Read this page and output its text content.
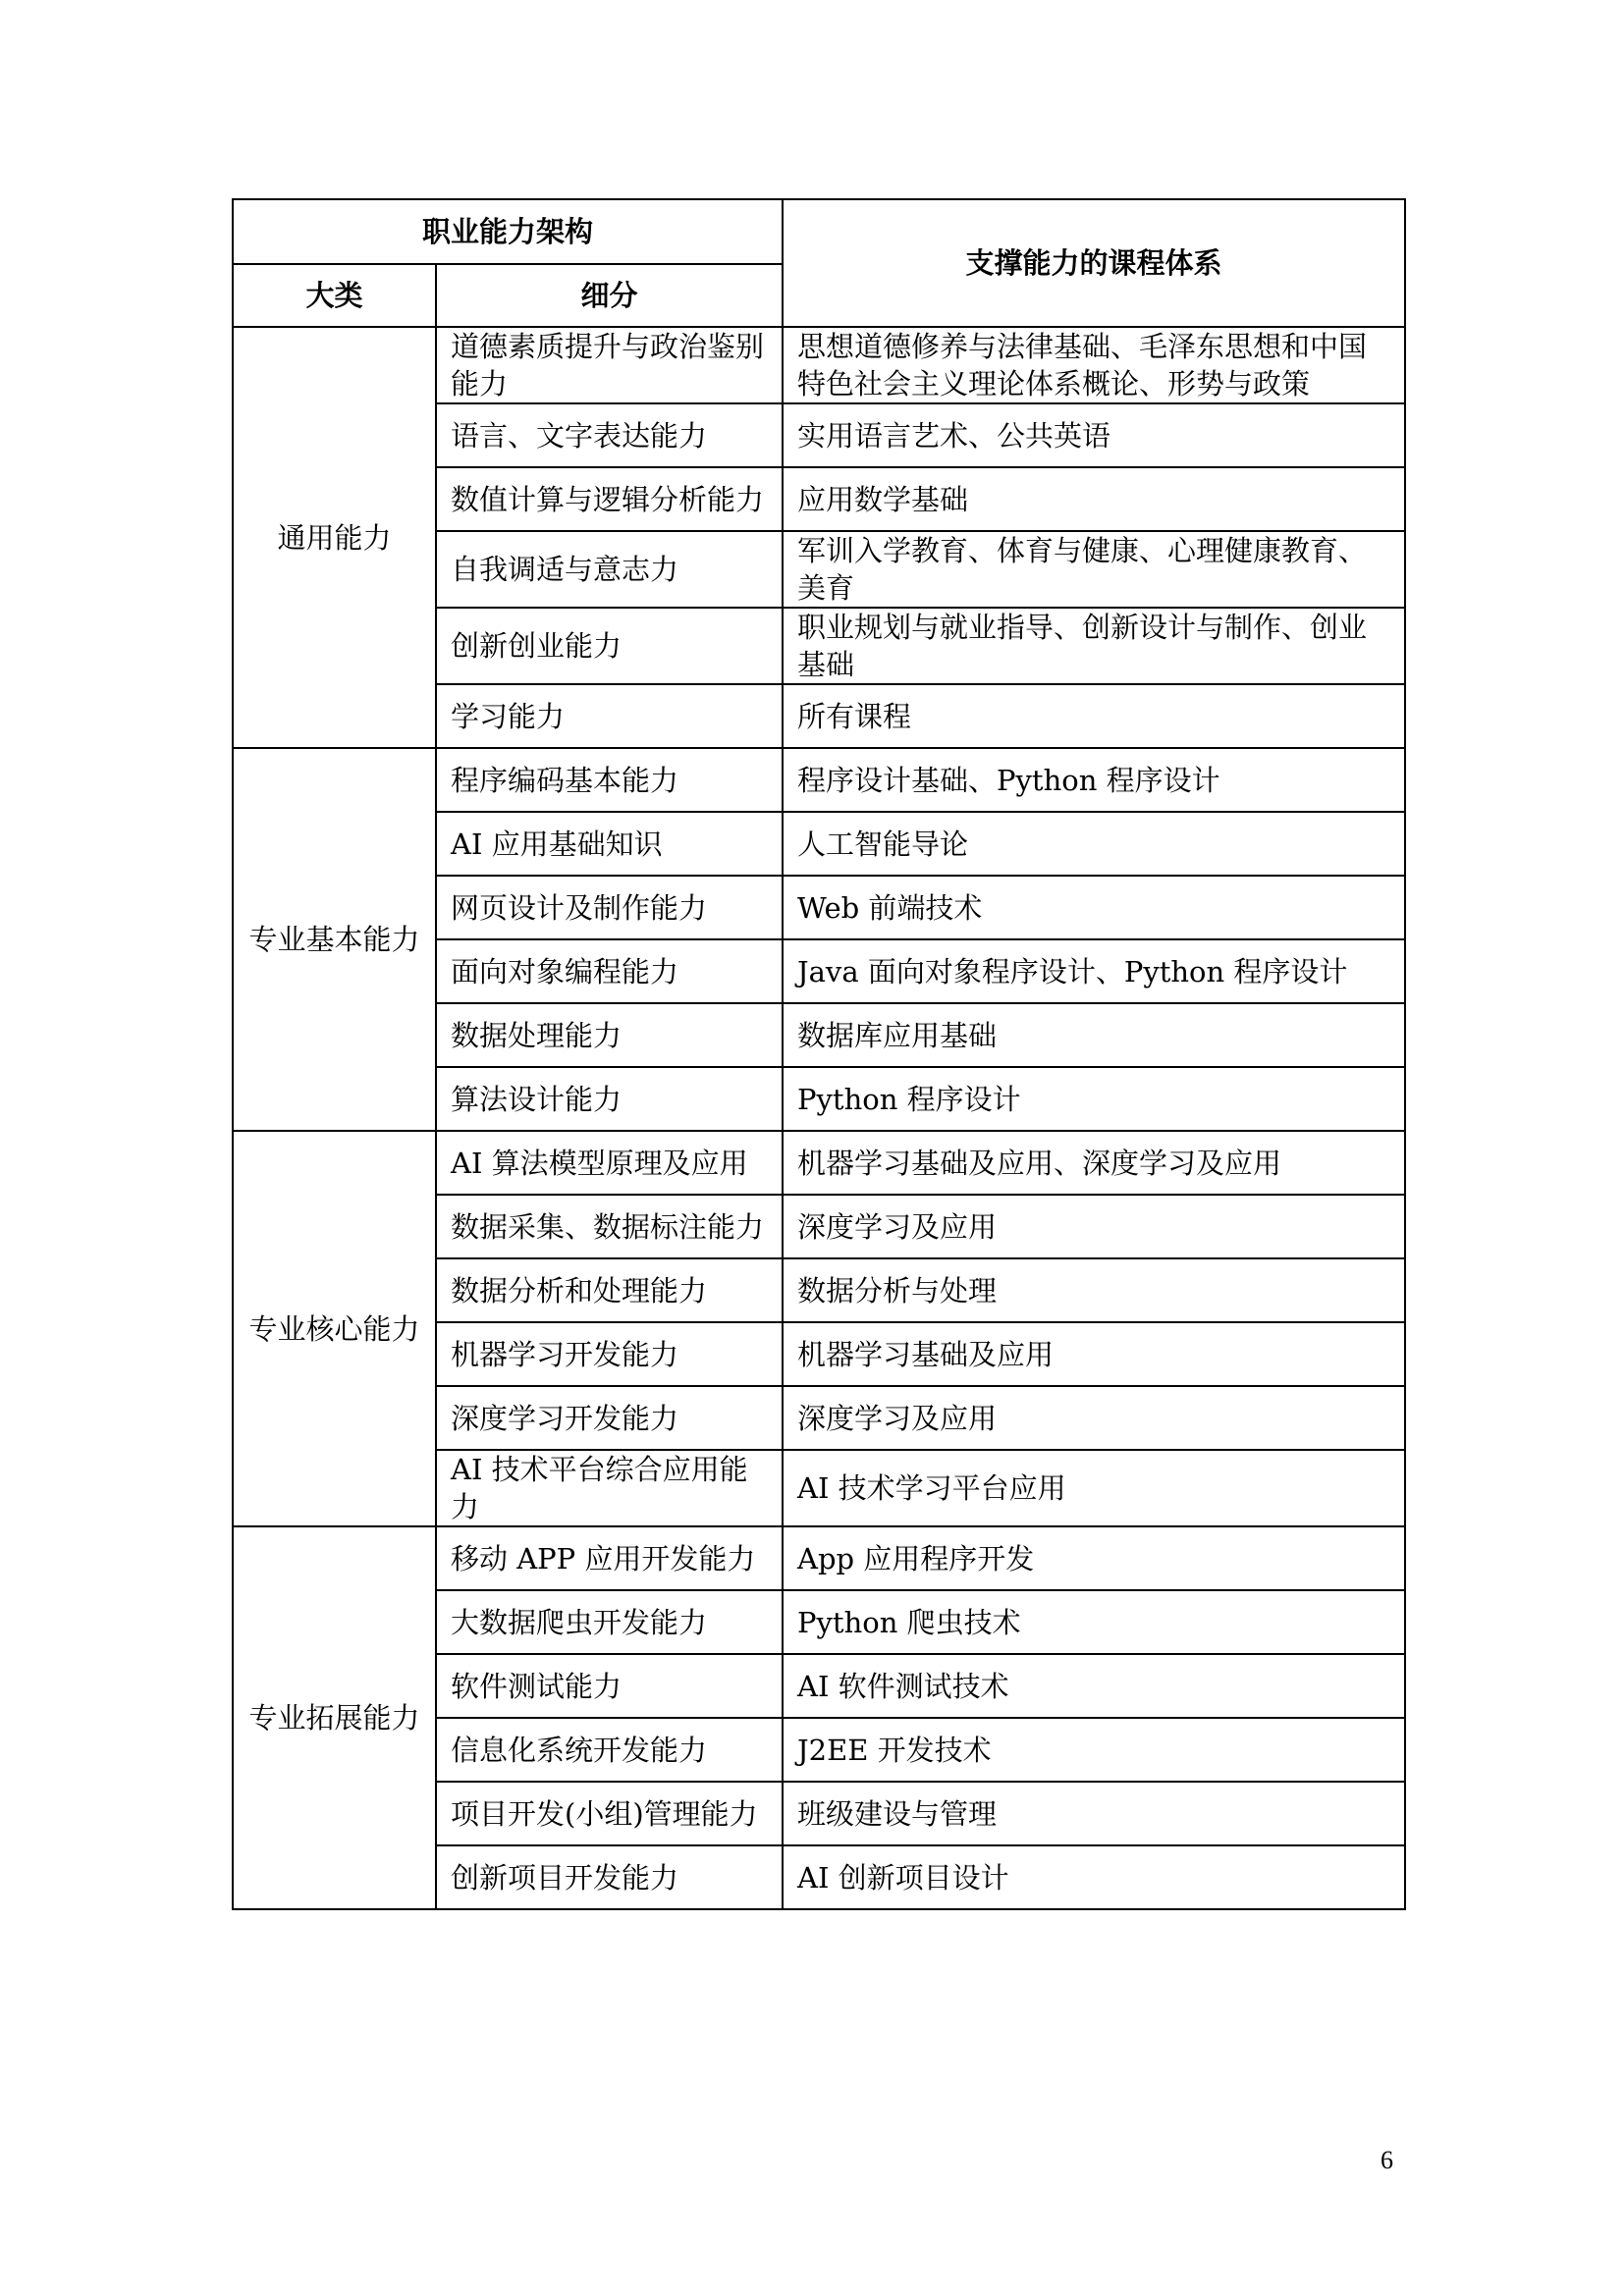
职业能力架构		支撑能力的课程体系
大类	细分	
通用能力	道德素质提升与政治鉴别能力	思想道德修养与法律基础、毛泽东思想和中国特色社会主义理论体系概论、形势与政策
	语言、文字表达能力	实用语言艺术、公共英语
	数值计算与逻辑分析能力	应用数学基础
	自我调适与意志力	军训入学教育、体育与健康、心理健康教育、美育
	创新创业能力	职业规划与就业指导、创新设计与制作、创业基础
	学习能力	所有课程
专业基本能力	程序编码基本能力	程序设计基础、Python 程序设计
	AI 应用基础知识	人工智能导论
	网页设计及制作能力	Web 前端技术
	面向对象编程能力	Java 面向对象程序设计、Python 程序设计
	数据处理能力	数据库应用基础
	算法设计能力	Python 程序设计
专业核心能力	AI 算法模型原理及应用	机器学习基础及应用、深度学习及应用
	数据采集、数据标注能力	深度学习及应用
	数据分析和处理能力	数据分析与处理
	机器学习开发能力	机器学习基础及应用
	深度学习开发能力	深度学习及应用
	AI 技术平台综合应用能力	AI 技术学习平台应用
专业拓展能力	移动 APP 应用开发能力	App 应用程序开发
	大数据爬虫开发能力	Python 爬虫技术
	软件测试能力	AI 软件测试技术
	信息化系统开发能力	J2EE 开发技术
	项目开发(小组)管理能力	班级建设与管理
	创新项目开发能力	AI 创新项目设计
6
